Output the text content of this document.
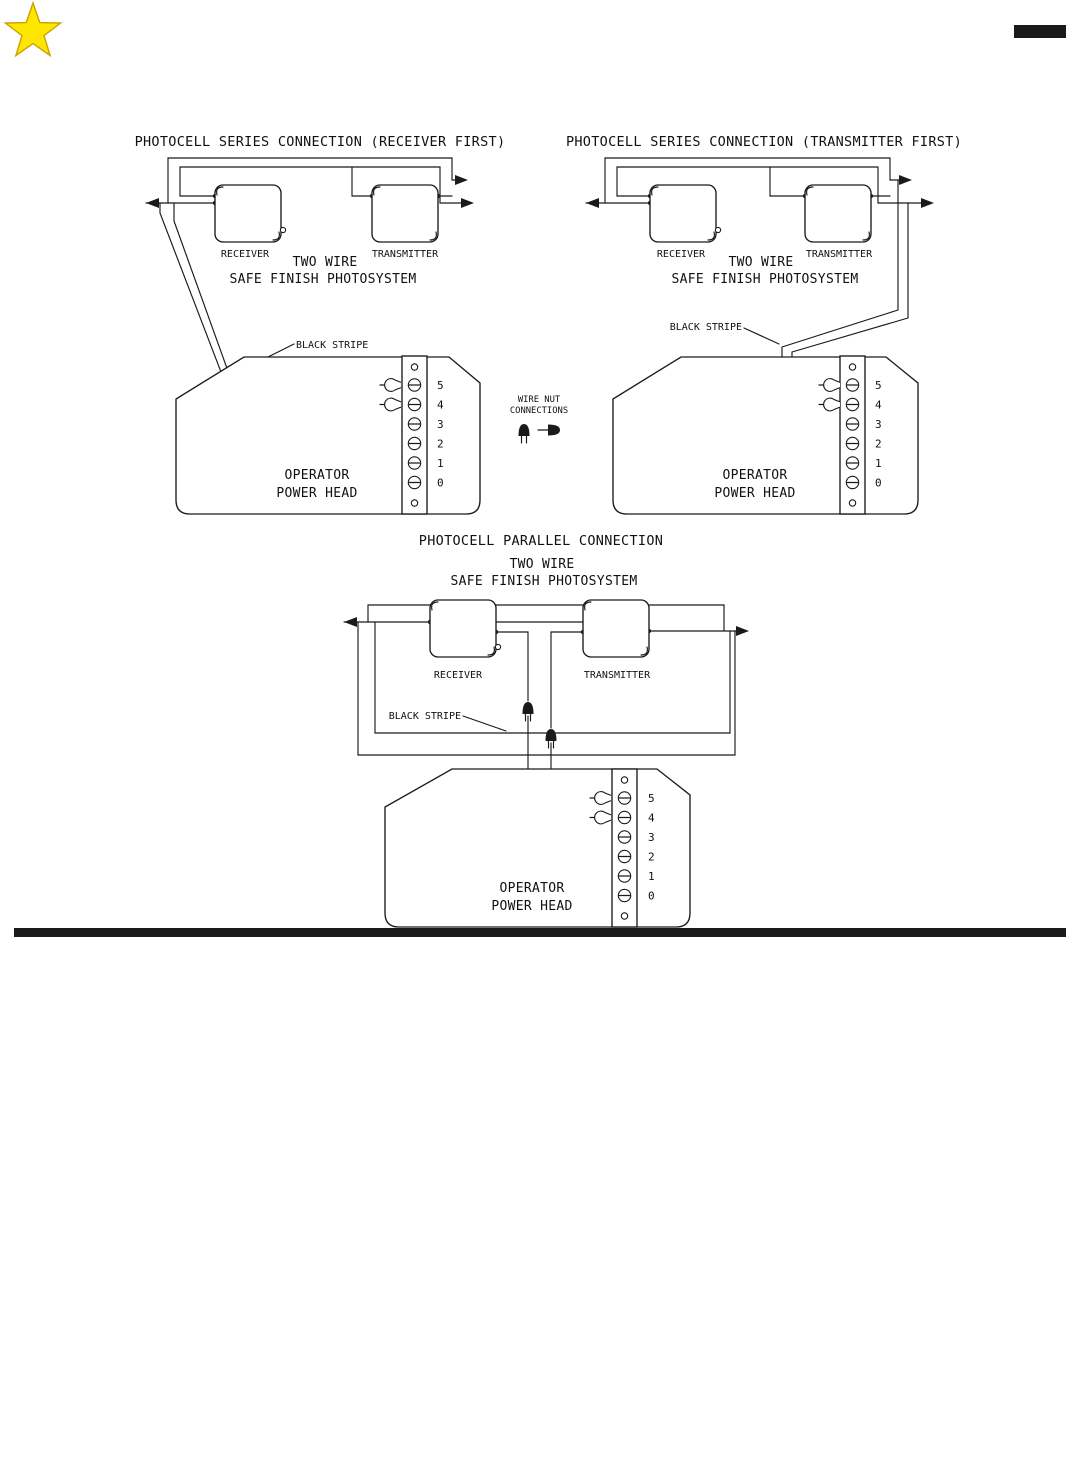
PHOTOCELL SERIES CONNECTION (RECEIVER FIRST)
RECEIVER	TRANSMITTER
TWO WIRE
SAFE FINISH PHOTOSYSTEM
BLACK STRIPE
5
4
3
2
1
0
OPERATOR
POWER HEAD
WIRE NUT
CONNECTIONS
PHOTOCELL SERIES CONNECTION (TRANSMITTER FIRST)
RECEIVER	TRANSMITTER
TWO WIRE
SAFE FINISH PHOTOSYSTEM
BLACK STRIPE
5
4
3
2
1
0
OPERATOR
POWER HEAD
PHOTOCELL PARALLEL CONNECTION
TWO WIRE
SAFE FINISH PHOTOSYSTEM
RECEIVER	TRANSMITTER
BLACK STRIPE
5
4
3
2
1
0
OPERATOR
POWER HEAD
